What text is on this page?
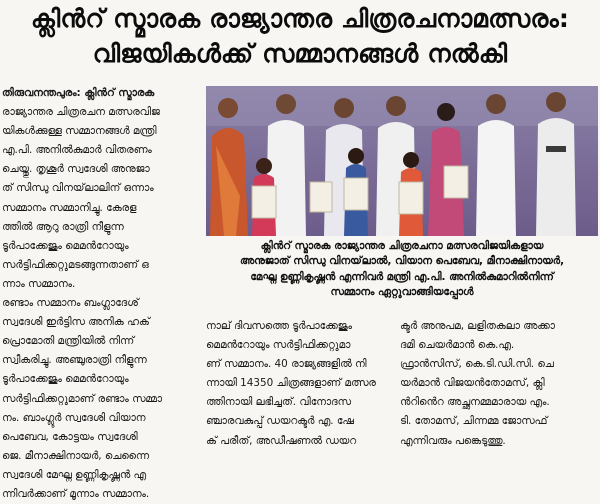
ക്ലിൻറ് സ്മാരക രാജ്യാന്തര ചിത്രരചനാമത്സരം:
വിജയികൾക്ക് സമ്മാനങ്ങൾ നൽകി
തിരുവനന്തപുരം: ക്ലിൻറ് സ്മാരക
രാജ്യാന്തര ചിത്രരചന മത്സരവിജ
യികൾക്കുള്ള സമ്മാനങ്ങൾ മന്ത്രി
എ.പി. അനിൽകുമാർ വിതരണം
ചെയ്തു. തൃശൂർ സ്വദേശി അനുജാ
ത് സിന്ധു വിനയ്‌ലാലിന് ഒന്നാം
സമ്മാനം സമ്മാനിച്ചു. കേരള
ത്തിൽ ആറു രാത്രി നീളുന്ന
ടൂർപാക്കേജും മെമൻറോയും
സർട്ടിഫിക്കറ്റുമടങ്ങുന്നതാണ് ഒ
ന്നാം സമ്മാനം.
രണ്ടാം സമ്മാനം ബംഗ്ലാദേശ്
സ്വദേശി ഇർട്ടിസ അനിക ഹക്
പ്രൊമോതി മന്ത്രിയിൽ നിന്ന്
സ്വീകരിച്ചു. അഞ്ചുരാത്രി നീളുന്ന
ടൂർപാക്കേജും മെമൻറോയും
സർട്ടിഫിക്കറ്റുമാണ് രണ്ടാം സമ്മാ
നം. ബാംഗ്ലൂർ സ്വദേശി വിയാന
പെബേവ, കോട്ടയം സ്വദേശി
ജെ. മീനാക്ഷിനായർ, ചെന്നൈ
സ്വദേശി മേഘ്ന ഉണ്ണികൃഷ്ണൻ എ
ന്നിവർക്കാണ് മൂന്നാം സമ്മാനം.
ക്ലിൻറ് സ്മാരക രാജ്യാന്തര ചിത്രരചനാ മത്സരവിജയികളായ
അനുജാത് സിന്ധു വിനയ്‌ലാൽ, വിയാന പെബേവ, മീനാക്ഷിനായർ,
മേഘ്ന ഉണ്ണികൃഷ്ണൻ എന്നിവർ മന്ത്രി എ.പി. അനിൽകുമാറിൽനിന്ന്
സമ്മാനം ഏറ്റുവാങ്ങിയപ്പോൾ
നാല് ദിവസത്തെ ടൂർപാക്കേജും
മെമൻറോയും സർട്ടിഫിക്കറ്റുമാ
ണ് സമ്മാനം. 40 രാജ്യങ്ങളിൽ നി
ന്നായി 14350 ചിത്രങ്ങളാണ് മത്സര
ത്തിനായി ലഭിച്ചത്. വിനോദസ
ഞ്ചാരവകുപ്പ് ഡയറക്ടർ എ. ഷേ
ക് പരീത്, അഡീഷണൽ ഡയറ
ക്ടർ അനുപമ, ലളിതകലാ അക്കാ
ദമി ചെയർമാൻ കെ.എ.
ഫ്രാൻസിസ്, കെ.ടി.ഡി.സി. ചെ
യർമാൻ വിജയൻതോമസ്, ക്ലി
ൻറിൻെറ അച്ഛനമ്മമാരായ എം.
ടി. തോമസ്, ചിന്നമ്മ ജോസഫ്
എന്നിവരും പങ്കെടുത്തു.
